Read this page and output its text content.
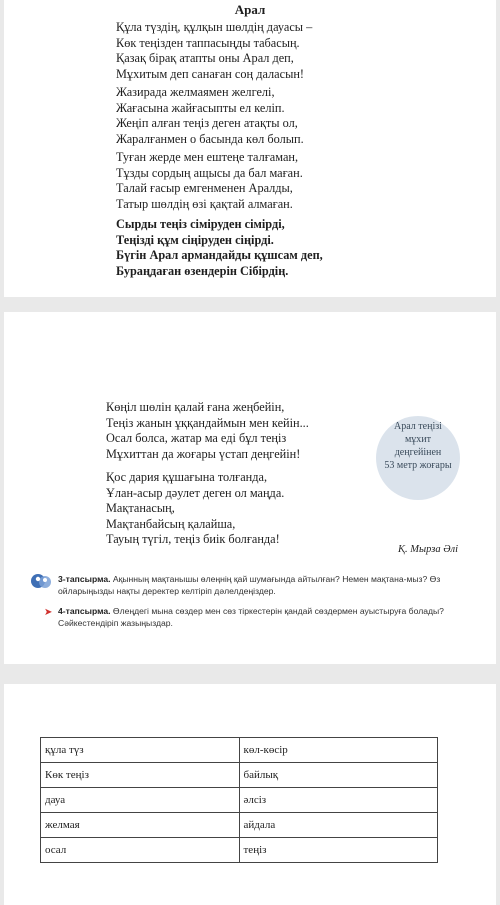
Арал
Құла түздің, құлқын шөлдің дауасы –
Көк теңізден таппасыңды табасың.
Қазақ бірақ атапты оны Арал деп,
Мұхитым деп санаған соң даласын!
Жазирада желмаямен желгелі,
Жағасына жайғасыпты ел келіп.
Жеңіп алған теңіз деген атақты ол,
Жаралғанмен о басында көл болып.
Туған жерде мен ештеңе талғаман,
Тұзды сордың ащысы да бал маған.
Талай ғасыр емгенменен Аралды,
Татыр шөлдің өзі қақтай алмаған.
Сырды теңіз сіміруден сімірді,
Теңізді құм сіңіруден сіңірді.
Бүгін Арал армандайды құшсам деп,
Бураңдаған өзендерін Сібірдің.
Көңіл шөлін қалай ғана жеңбейін,
Теңіз жанын ұққандаймын мен кейін...
Осал болса, жатар ма еді бұл теңіз
Мұхиттан да жоғары үстап деңгейін!
Қос дария құшағына толғанда,
Ұлан-асыр дәулет деген ол маңда.
Мақтанасың,
Мақтанбайсың қалайша,
Тауың түгіл, теңіз биік болғанда!
Арал теңізі
мұхит
деңгейінен
53 метр жоғары
Қ. Мырза Әлі
3-тапсырма. Ақынның мақтанышы өлеңнің қай шумағында айтылған? Немен мақтана-мыз? Өз ойларыңызды нақты деректер келтіріп дәлелдеңіздер.
➤ 4-тапсырма. Өлеңдегі мына сөздер мен сөз тіркестерін қандай сөздермен ауыстыруға болады? Сәйкестендіріп жазыңыздар.
құла түз	көл-көсір
Көк теңіз	байлық
дауа	әлсіз
желмая	айдала
осал	теңіз
